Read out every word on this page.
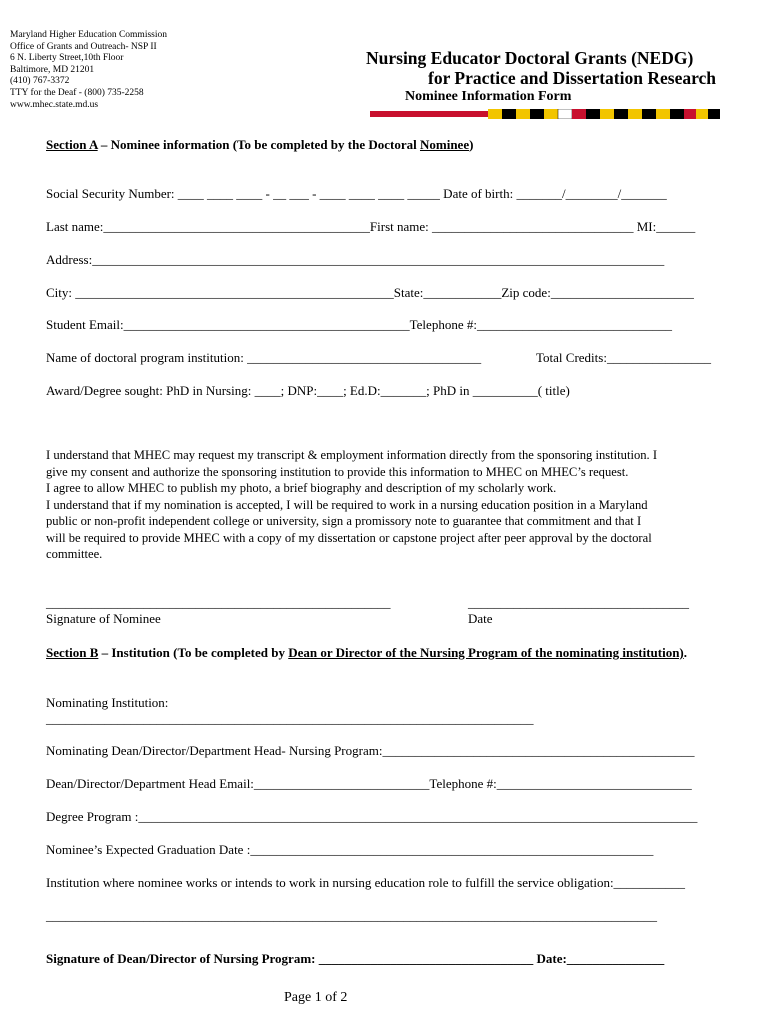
Maryland Higher Education Commission
Office of Grants and Outreach- NSP II
6 N. Liberty Street,10th Floor
Baltimore, MD 21201
(410) 767-3372
TTY for the Deaf - (800) 735-2258
www.mhec.state.md.us
Nursing Educator Doctoral Grants (NEDG)
for Practice and Dissertation Research
Nominee Information Form
Section A – Nominee information (To be completed by the Doctoral Nominee)
Social Security Number: ____ ____ ____ - __ ___ - ____ ____ ____ _____ Date of birth: _______/________/_______
Last name:_________________________________________First name: _______________________________ MI:______
Address:________________________________________________________________________________________
City: _________________________________________________State:____________Zip code:______________________
Student Email:____________________________________________Telephone #:______________________________
Name of doctoral program institution: ____________________________________	Total Credits:________________
Award/Degree sought: PhD in Nursing: ____; DNP:____; Ed.D:_______; PhD in __________( title)
I understand that MHEC may request my transcript & employment information directly from the sponsoring institution. I
give my consent and authorize the sponsoring institution to provide this information to MHEC on MHEC’s request.
I agree to allow MHEC to publish my photo, a brief biography and description of my scholarly work.
I understand that if my nomination is accepted, I will be required to work in a nursing education position in a Maryland
public or non-profit independent college or university, sign a promissory note to guarantee that commitment and that I
will be required to provide MHEC with a copy of my dissertation or capstone project after peer approval by the doctoral
committee.
_____________________________________________________	__________________________________
Signature of Nominee	Date
Section B – Institution (To be completed by Dean or Director of the Nursing Program of the nominating institution).
Nominating Institution:
___________________________________________________________________________
Nominating Dean/Director/Department Head- Nursing Program:________________________________________________
Dean/Director/Department Head Email:___________________________Telephone #:______________________________
Degree Program :______________________________________________________________________________________
Nominee’s Expected Graduation Date :______________________________________________________________
Institution where nominee works or intends to work in nursing education role to fulfill the service obligation:___________
______________________________________________________________________________________________
Signature of Dean/Director of Nursing Program: _________________________________ Date:_______________
Page 1 of 2
